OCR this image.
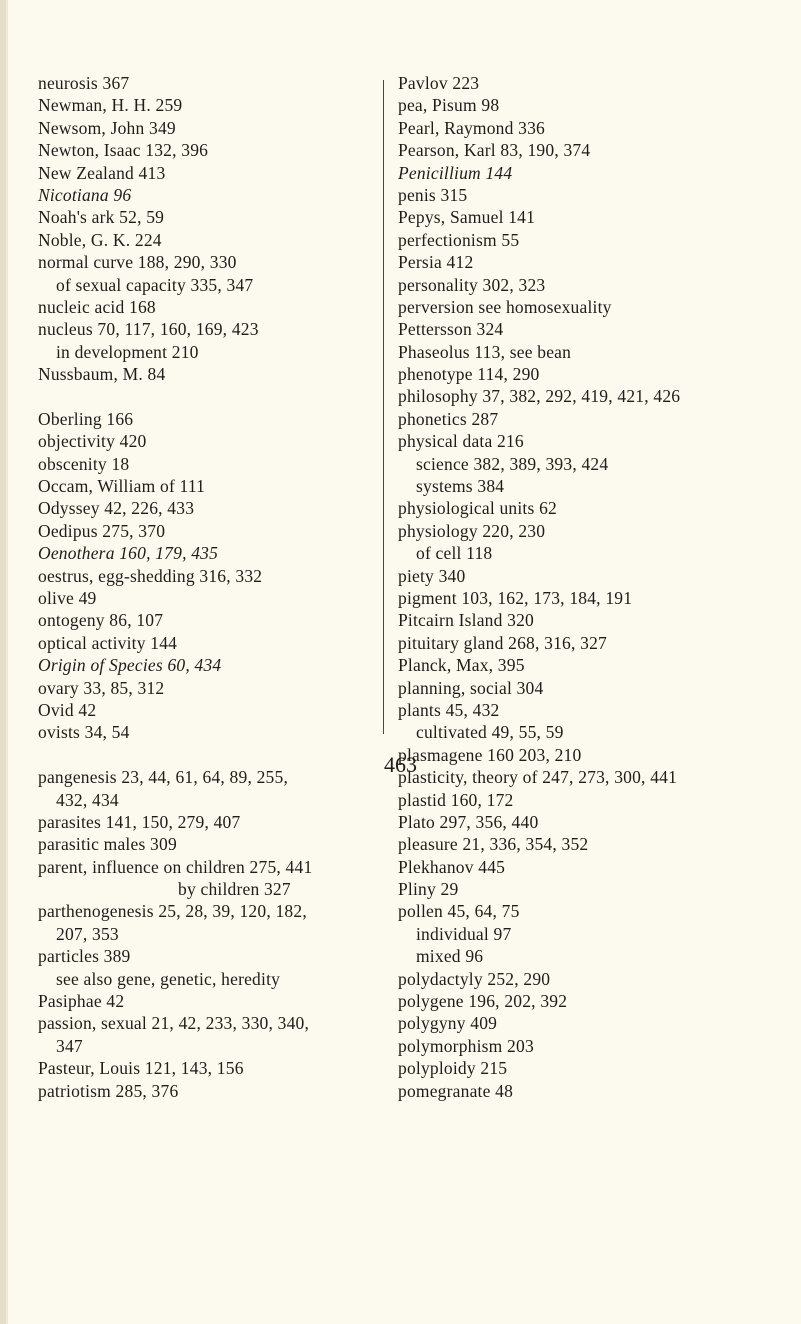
neurosis 367
Newman, H. H. 259
Newsom, John 349
Newton, Isaac 132, 396
New Zealand 413
Nicotiana 96
Noah's ark 52, 59
Noble, G. K. 224
normal curve 188, 290, 330
of sexual capacity 335, 347
nucleic acid 168
nucleus 70, 117, 160, 169, 423
in development 210
Nussbaum, M. 84
Oberling 166
objectivity 420
obscenity 18
Occam, William of 111
Odyssey 42, 226, 433
Oedipus 275, 370
Oenothera 160, 179, 435
oestrus, egg-shedding 316, 332
olive 49
ontogeny 86, 107
optical activity 144
Origin of Species 60, 434
ovary 33, 85, 312
Ovid 42
ovists 34, 54
pangenesis 23, 44, 61, 64, 89, 255,
432, 434
parasites 141, 150, 279, 407
parasitic males 309
parent, influence on children 275, 441
by children 327
parthenogenesis 25, 28, 39, 120, 182,
207, 353
particles 389
see also gene, genetic, heredity
Pasiphae 42
passion, sexual 21, 42, 233, 330, 340,
347
Pasteur, Louis 121, 143, 156
patriotism 285, 376
Pavlov 223
pea, Pisum 98
Pearl, Raymond 336
Pearson, Karl 83, 190, 374
Penicillium 144
penis 315
Pepys, Samuel 141
perfectionism 55
Persia 412
personality 302, 323
perversion see homosexuality
Pettersson 324
Phaseolus 113, see bean
phenotype 114, 290
philosophy 37, 382, 292, 419, 421, 426
phonetics 287
physical data 216
science 382, 389, 393, 424
systems 384
physiological units 62
physiology 220, 230
of cell 118
piety 340
pigment 103, 162, 173, 184, 191
Pitcairn Island 320
pituitary gland 268, 316, 327
Planck, Max, 395
planning, social 304
plants 45, 432
cultivated 49, 55, 59
plasmagene 160 203, 210
plasticity, theory of 247, 273, 300, 441
plastid 160, 172
Plato 297, 356, 440
pleasure 21, 336, 354, 352
Plekhanov 445
Pliny 29
pollen 45, 64, 75
individual 97
mixed 96
polydactyly 252, 290
polygene 196, 202, 392
polygyny 409
polymorphism 203
polyploidy 215
pomegranate 48
463
